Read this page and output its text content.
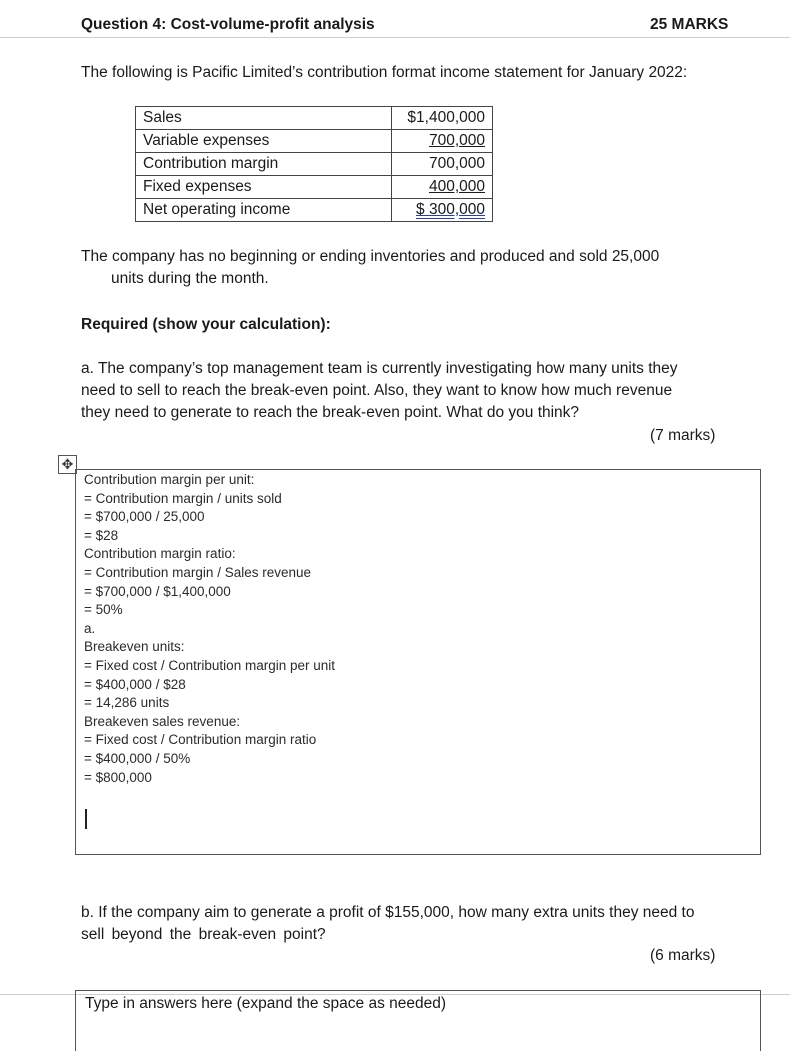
Question 4: Cost-volume-profit analysis	25 MARKS
The following is Pacific Limited’s contribution format income statement for January 2022:
Sales	$1,400,000
Variable expenses	700,000
Contribution margin	700,000
Fixed expenses	400,000
Net operating income	$ 300,000
The company has no beginning or ending inventories and produced and sold 25,000
units during the month.
Required (show your calculation):
a. The company’s top management team is currently investigating how many units they
need to sell to reach the break-even point. Also, they want to know how much revenue
they need to generate to reach the break-even point. What do you think?
(7 marks)
✥
Contribution margin per unit:
= Contribution margin / units sold
= $700,000 / 25,000
= $28
Contribution margin ratio:
= Contribution margin / Sales revenue
= $700,000 / $1,400,000
= 50%
a.
Breakeven units:
= Fixed cost / Contribution margin per unit
= $400,000 / $28
= 14,286 units
Breakeven sales revenue:
= Fixed cost / Contribution margin ratio
= $400,000 / 50%
= $800,000
b. If the company aim to generate a profit of $155,000, how many extra units they need to
sell beyond the break-even point?
(6 marks)
Type in answers here (expand the space as needed)
